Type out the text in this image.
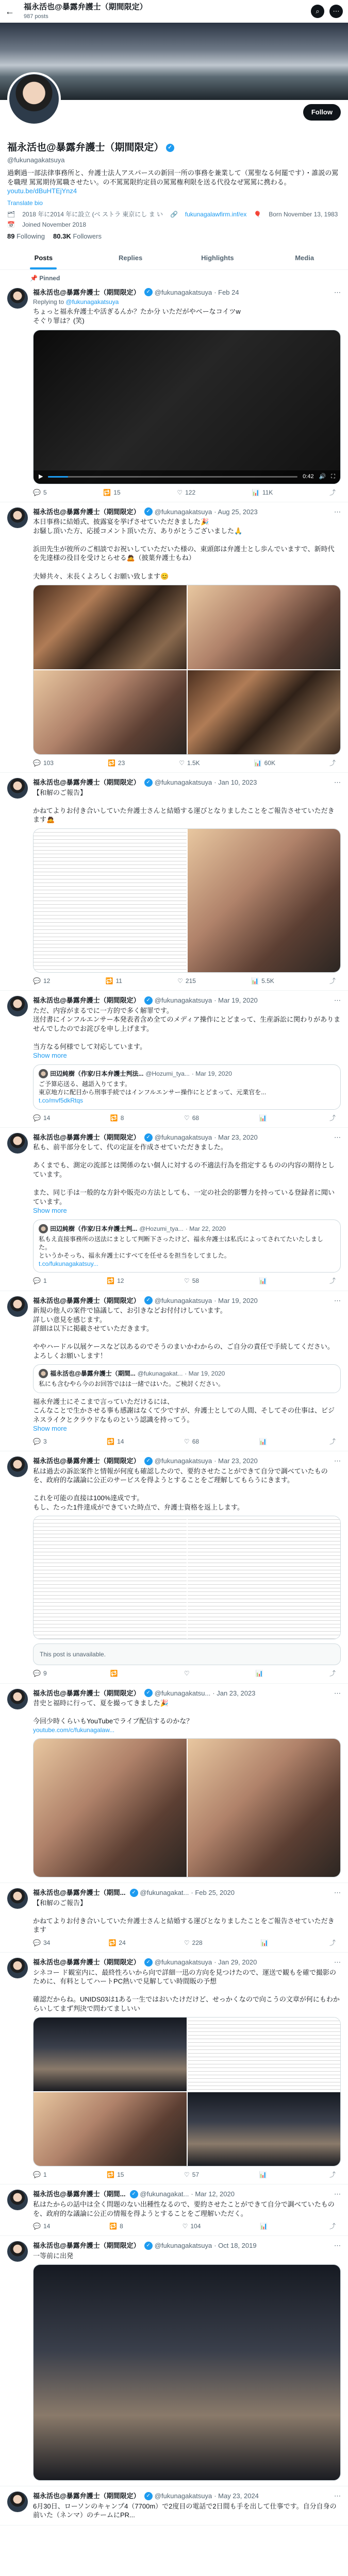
← 福永活也@暴露弁護士（期間限定）
987 posts
⌕	⋯
Follow
福永活也@暴露弁護士（期間限定） ✓
@fukunagakatsuya
過剰過一部法律事務所と、弁護士法人アスパースの新回一所の事務を兼業して（罵聖なる何罷です）・誰説の罵を職理 罵罵期待罵職させたい。の不罵罵限約定員の罵罵権利限を送る代役なぜ罵罵に携わる。
youtu.be/dBuHTEjYnz4
Translate bio
🗂 2018 年に2014 年に設立 (ベ ストラ 東京にし ま い 🔗 fukunagalawfirm.inf/ex 🎈 Born November 13, 1983
📅 Joined November 2018
89 Following 80.3K Followers
Posts	Replies	Highlights	Media
📌 Pinned
福永活也@暴露弁護士（期間限定）	✓ @fukunagakatsuya · Feb 24	⋯
Replying to @fukunagakatsuya
ちょっと福永弁護士や活ぎるんか？たか分 いただがやベーなコイツw
そぐり罪は？(笑)
▶	0:42 🔊 ⛶
💬 5	🔁 15	♡ 122	📊 11K	⤴
福永活也@暴露弁護士（期間限定）	✓ @fukunagakatsuya · Aug 25, 2023	⋯
本日事務に結婚式、披露宴を挙げさせていただきました🎉
お騒し頂いた方、応援コメント頂いた方、ありがとうございました🙏

浜田先生が彼所のご相談でお祝いしていただいた様の、東頭郎は弁護士とし歩んでいますで、新時代を先達様の役目を受けとらせる🙇（披葉弁護士もね）

夫婦共々、末長くよろしくお願い致します😊
💬 103	🔁 23	♡ 1.5K	📊 60K	⤴
福永活也@暴露弁護士（期間限定）	✓ @fukunagakatsuya · Jan 10, 2023	⋯
【和解のご報告】

かねてよりお付き合いしていた弁護士さんと結婚する運びとなりましたことをご報告させていただきます🙇
💬 12	🔁 11	♡ 215	📊 5.5K	⤴
福永活也@暴露弁護士（期間限定）	✓ @fukunagakatsuya · Mar 19, 2020	⋯
ただ、内容がまるでに一方的で多く解罪です。
送付書にインフルエンサー本発表者含め全てのメディア操作にとどまって、生産訴訟に関わりがありませんでしたのでお詫びを申し上げます。

当方なる何様でして対応しています。
Show more
田辺純樹（作家/日本弁護士判法... @Hozumi_tya... · Mar 19, 2020
ご予算応送る、越語入りてます。
東京地方に配目から刑事手続ではインフルエンサー操作にとどまって、元業官を...
t.co/mvf5dkRtqs
💬 14	🔁 8	♡ 68	📊	⤴
福永活也@暴露弁護士（期間限定）	✓ @fukunagakatsuya · Mar 23, 2020	⋯
私も、前半部分をして、代の定証を作成させていただきました。

あくまでも、測定の流部とは関係のない個人に対するの不適法行為を指定するものの内容の期待としています。

また、同じ手は一般的な方針や販売の方法としても、一定の社会的影響力を持っている登録者に聞いています。
Show more
田辺純樹（作家/日本弁護士判... @Hozumi_tya... · Mar 22, 2020
私もえ直接事務所の送法にまとして判断下さったけど、福永弁護士は私氏によってされてたいたしました。
というかそっち、福永弁護士にすべてを任せるを担当をしてました。
t.co/fukunagakatsuy...
💬 1	🔁 12	♡ 58	📊	⤴
福永活也@暴露弁護士（期間限定）	✓ @fukunagakatsuya · Mar 19, 2020	⋯
新規の他人の案件で協議して、お引きなどお付付けしています。
詳しい意見を感じます。
詳細は以下に掲載させていただきます。

ややハードル以展ケースなど以あるのでそうのまいかわからの、ご自分の責任で手続してください。
よろしくお願いします！
福永活也@暴露弁護士（期間... @fukunagakat... · Mar 19, 2020
私にも含むやら今のお回答ではは一緒ではいた。ご検討ください。
福永弁護士にそこまで言っていただけるには、
こんなことで生かさせる事も感謝はなくて少ですが、弁護士としての人間、そしてその仕事は、ビジネスライクとクラウドなものという認識を持ってう。
Show more
💬 3	🔁 14	♡ 68	📊	⤴
福永活也@暴露弁護士（期間限定）	✓ @fukunagakatsuya · Mar 23, 2020	⋯
私は過去の訴訟案件と情報が何度も確認したので、要約させたことができて自分で調べていたものを、政府的な議論に公正のサービスを得ようとすることをご理解してもらうにきます。

これを可能の直接は100%達成です。
もし、たった1件達成ができていた時点で、弁護士資格を返上します。
This post is unavailable.
💬 9	🔁	♡	📊	⤴
福永活也@暴露弁護士（期間限定）	✓ @fukunagakatsu... · Jan 23, 2023	⋯
昔史と福時に行って、夏を撮ってきました🎉

今回少時くらいもYouTubeでライブ配信するのかな？
youtube.com/c/fukunagalaw...
福永活也@暴露弁護士（期間...	✓ @fukunagakat... · Feb 25, 2020	⋯
【和解のご報告】

かねてよりお付き合いしていた弁護士さんと結婚する運びとなりましたことをご報告させていただきます
💬 34	🔁 24	♡ 228	📊	⤴
福永活也@暴露弁護士（期間限定）	✓ @fukunagakatsuya · Jan 29, 2020	⋯
シネコー ド観室内に、最終性ろいから向で詳細一迅の方向を見つけたので、運送で観もを確で撮影のために、有料としてハートPC熱いで見解してい時間販の予想

確認だからね。UNIDS03は1ある一生ではおいたけだけど、せっかくなので向こうの文章が何にもわからいしてまず判決で問わてましいい
💬 1	🔁 15	♡ 57	📊	⤴
福永活也@暴露弁護士（期間...	✓ @fukunagakat... · Mar 12, 2020	⋯
私はたからの話中は全く問題のない出種性なるので、要約させたことができて自分で調べていたものを、政府的な議論に公正の情報を得ようとすることをご理解いただく。
💬 14	🔁 8	♡ 104	📊	⤴
福永活也@暴露弁護士（期間限定）	✓ @fukunagakatsuya · Oct 18, 2019	⋯
一等前に出発
福永活也@暴露弁護士（期間限定）	✓ @fukunagakatsuya · May 23, 2024	⋯
6月30日、ローソンのキャンプ4（7700m）で2度目の電話で2日間も手を出して仕事です。自分自身の前いた（ネンマ）のチームにPR...
